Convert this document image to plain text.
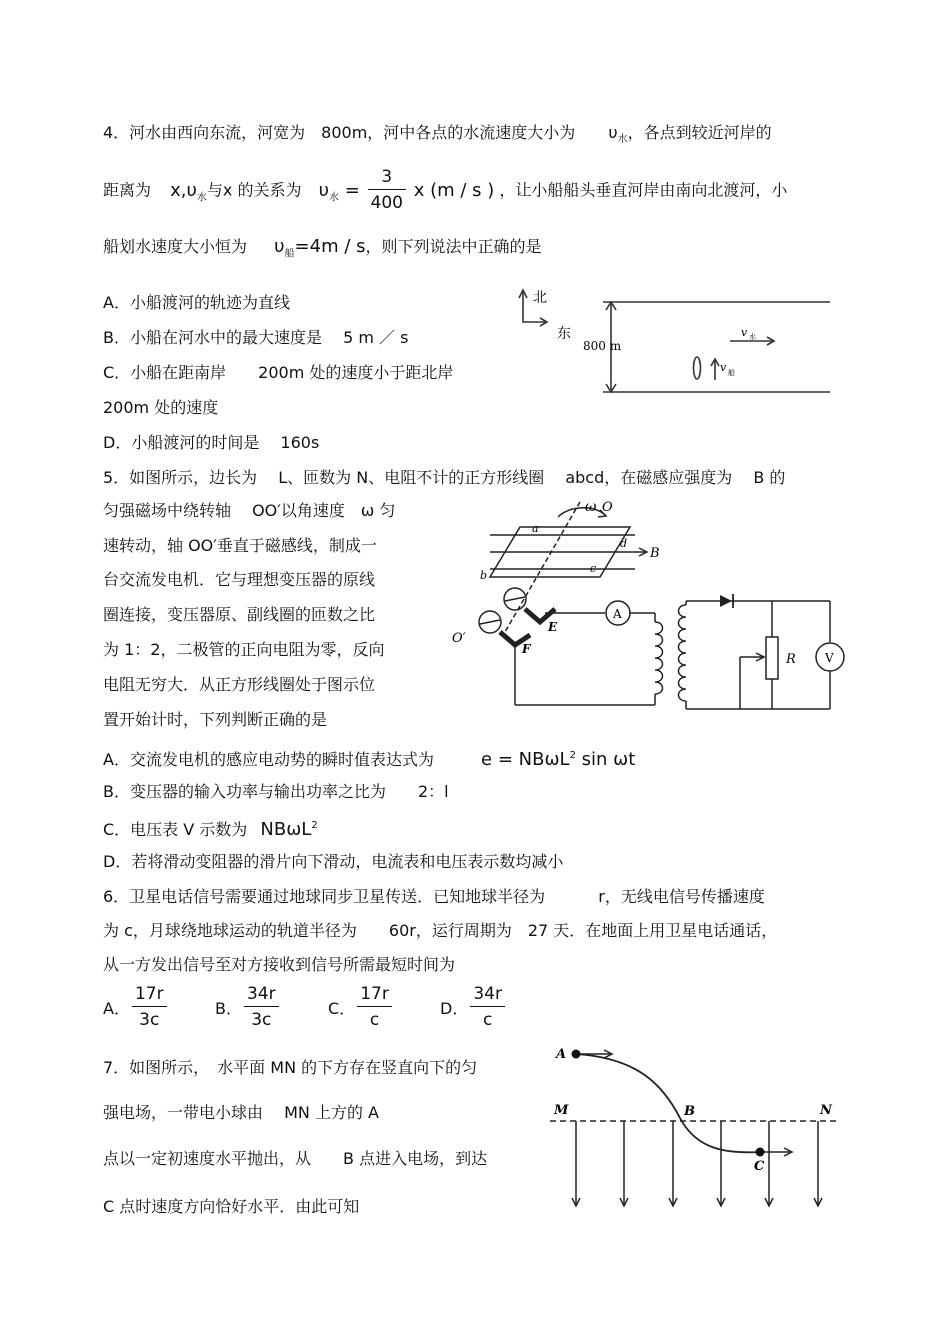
4．河水由西向东流，河宽为　800m，河中各点的水流速度大小为 $\upsilon_水$，各点到较近河岸的
距离为 $x,\upsilon_水$与x 的关系为 $\upsilon_水 = \frac{3}{400}$ x (m / s ) ，让小船船头垂直河岸由南向北渡河，小
船划水速度大小恒为 $\upsilon_船=4m / s$，则下列说法中正确的是
A．小船渡河的轨迹为直线
B．小船在河水中的最大速度是　 5 m ／ s
C．小船在距南岸　　200m 处的速度小于距北岸
200m 处的速度
D．小船渡河的时间是　 160s
北
东
800 m
v 水
v 船
5．如图所示，边长为　 L、匝数为 N、电阻不计的正方形线圈　 abcd，在磁感应强度为　 B 的
匀强磁场中绕转轴　 OO′以角速度　ω 匀
速转动，轴 OO′垂直于磁感线，制成一
台交流发电机．它与理想变压器的原线
圈连接，变压器原、副线圈的匝数之比
为 1：2，二极管的正向电阻为零，反向
电阻无穷大．从正方形线圈处于图示位
置开始计时，下列判断正确的是
ω O
O′
a
b
c
d
B
E
F
A
R V
A．交流发电机的感应电动势的瞬时值表达式为	e = NBωL$^2$ sin ωt
B．变压器的输入功率与输出功率之比为　　2：l
C．电压表 V 示数为 NBωL$^2$
D．若将滑动变阻器的滑片向下滑动，电流表和电压表示数均减小
6．卫星电话信号需要通过地球同步卫星传送．已知地球半径为　　　 r，无线电信号传播速度
为 c，月球绕地球运动的轨道半径为　　60r，运行周期为　27 天．在地面上用卫星电话通话，
从一方发出信号至对方接收到信号所需最短时间为
A． $\frac{17r}{3c}$	B． $\frac{34r}{3c}$	C． $\frac{17r}{c}$	D． $\frac{34r}{c}$
7．如图所示，　水平面 MN 的下方存在竖直向下的匀
强电场，一带电小球由　 MN 上方的 A
点以一定初速度水平抛出，从　　B 点进入电场，到达
C 点时速度方向恰好水平．由此可知
A
B
C
M	N
